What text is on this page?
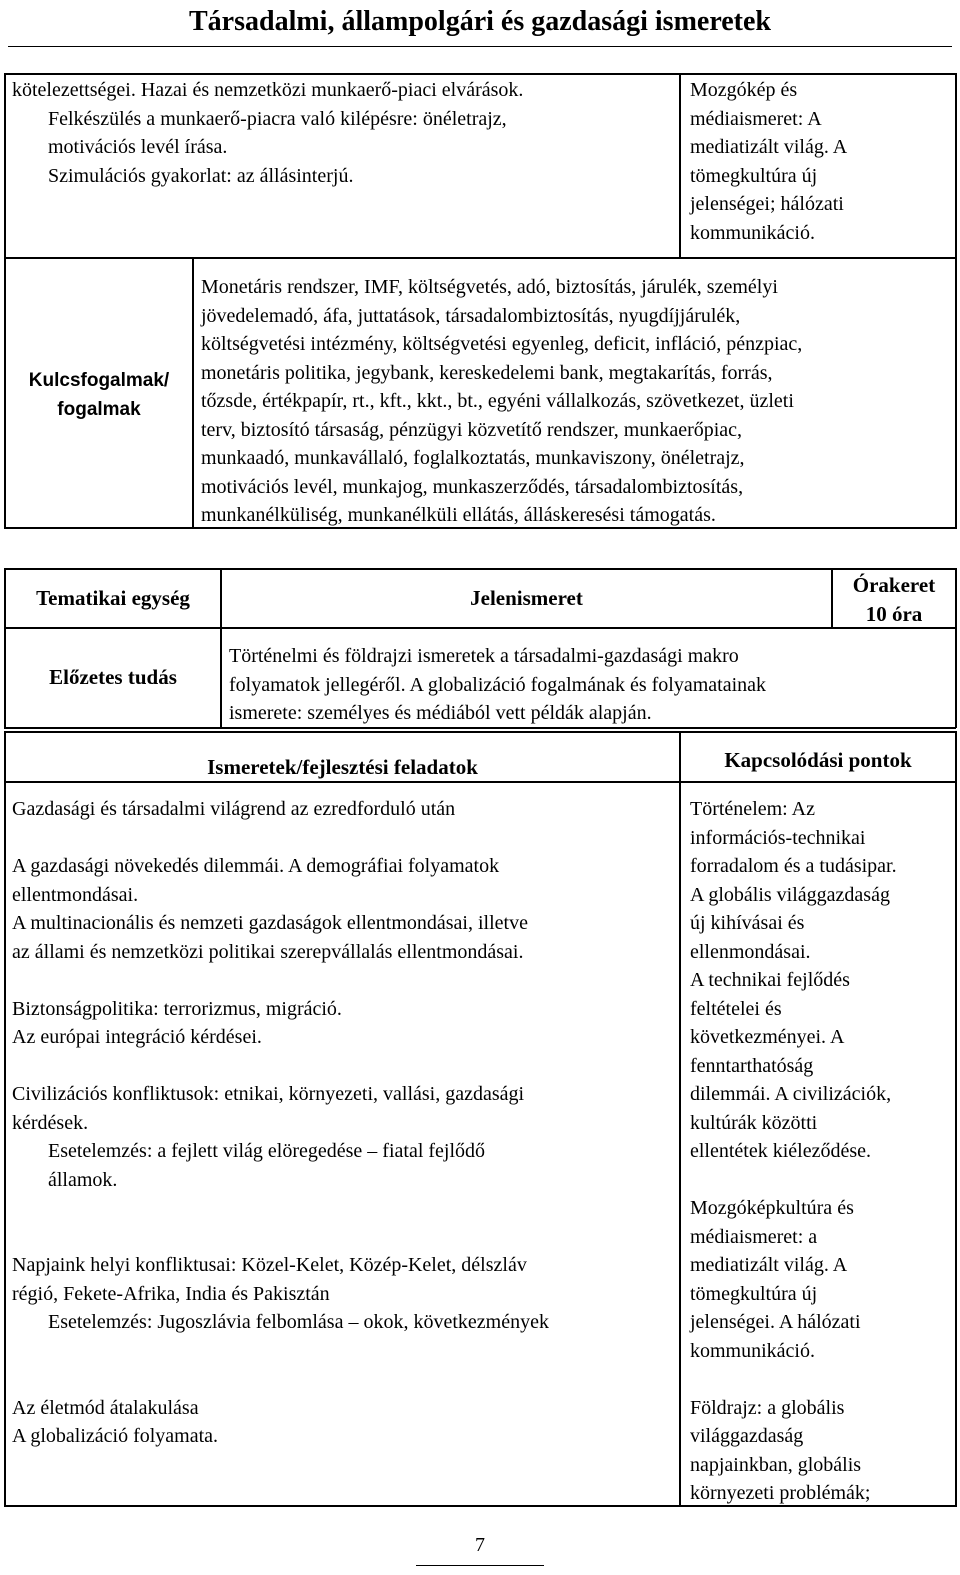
Társadalmi, állampolgári és gazdasági ismeretek

kötelezettségei. Hazai és nemzetközi munkaerő-piaci elvárások.

Felkészülés a munkaerő-piacra való kilépésre: önéletrajz,

motivációs levél írása.

Szimulációs gyakorlat: az állásinterjú.

Mozgókép és

médiaismeret: A

mediatizált világ. A

tömegkultúra új

jelenségei; hálózati

kommunikáció.

Kulcsfogalmak/

fogalmak

Monetáris rendszer, IMF, költségvetés, adó, biztosítás, járulék, személyi

jövedelemadó, áfa, juttatások, társadalombiztosítás, nyugdíjjárulék,

költségvetési intézmény, költségvetési egyenleg, deficit, infláció, pénzpiac,

monetáris politika, jegybank, kereskedelemi bank, megtakarítás, forrás,

tőzsde, értékpapír, rt., kft., kkt., bt., egyéni vállalkozás, szövetkezet, üzleti

terv, biztosító társaság, pénzügyi közvetítő rendszer, munkaerőpiac,

munkaadó, munkavállaló, foglalkoztatás, munkaviszony, önéletrajz,

motivációs levél, munkajog, munkaszerződés, társadalombiztosítás,

munkanélküliség, munkanélküli ellátás, álláskeresési támogatás.

Tematikai egység	Jelenismeret

Órakeret

10 óra

Előzetes tudás

Történelmi és földrajzi ismeretek a társadalmi-gazdasági makro

folyamatok jellegéről. A globalizáció fogalmának és folyamatainak

ismerete: személyes és médiából vett példák alapján.

Ismeretek/fejlesztési feladatok	Kapcsolódási pontok

Gazdasági és társadalmi világrend az ezredforduló után

A gazdasági növekedés dilemmái. A demográfiai folyamatok

ellentmondásai.

A multinacionális és nemzeti gazdaságok ellentmondásai, illetve

az állami és nemzetközi politikai szerepvállalás ellentmondásai.

Biztonságpolitika: terrorizmus, migráció.

Az európai integráció kérdései.

Civilizációs konfliktusok: etnikai, környezeti, vallási, gazdasági

kérdések.

Esetelemzés: a fejlett világ elöregedése – fiatal fejlődő

államok.

Napjaink helyi konfliktusai: Közel-Kelet, Közép-Kelet, délszláv

régió, Fekete-Afrika, India és Pakisztán

Esetelemzés: Jugoszlávia felbomlása – okok, következmények

Az életmód átalakulása

A globalizáció folyamata.

Történelem: Az

információs-technikai

forradalom és a tudásipar.

A globális világgazdaság

új kihívásai és

ellenmondásai.

A technikai fejlődés

feltételei és

következményei. A

fenntarthatóság

dilemmái. A civilizációk,

kultúrák közötti

ellentétek kiéleződése.

Mozgóképkultúra és

médiaismeret: a

mediatizált világ. A

tömegkultúra új

jelenségei. A hálózati

kommunikáció.

Földrajz: a globális

világgazdaság

napjainkban, globális

környezeti problémák;

7
